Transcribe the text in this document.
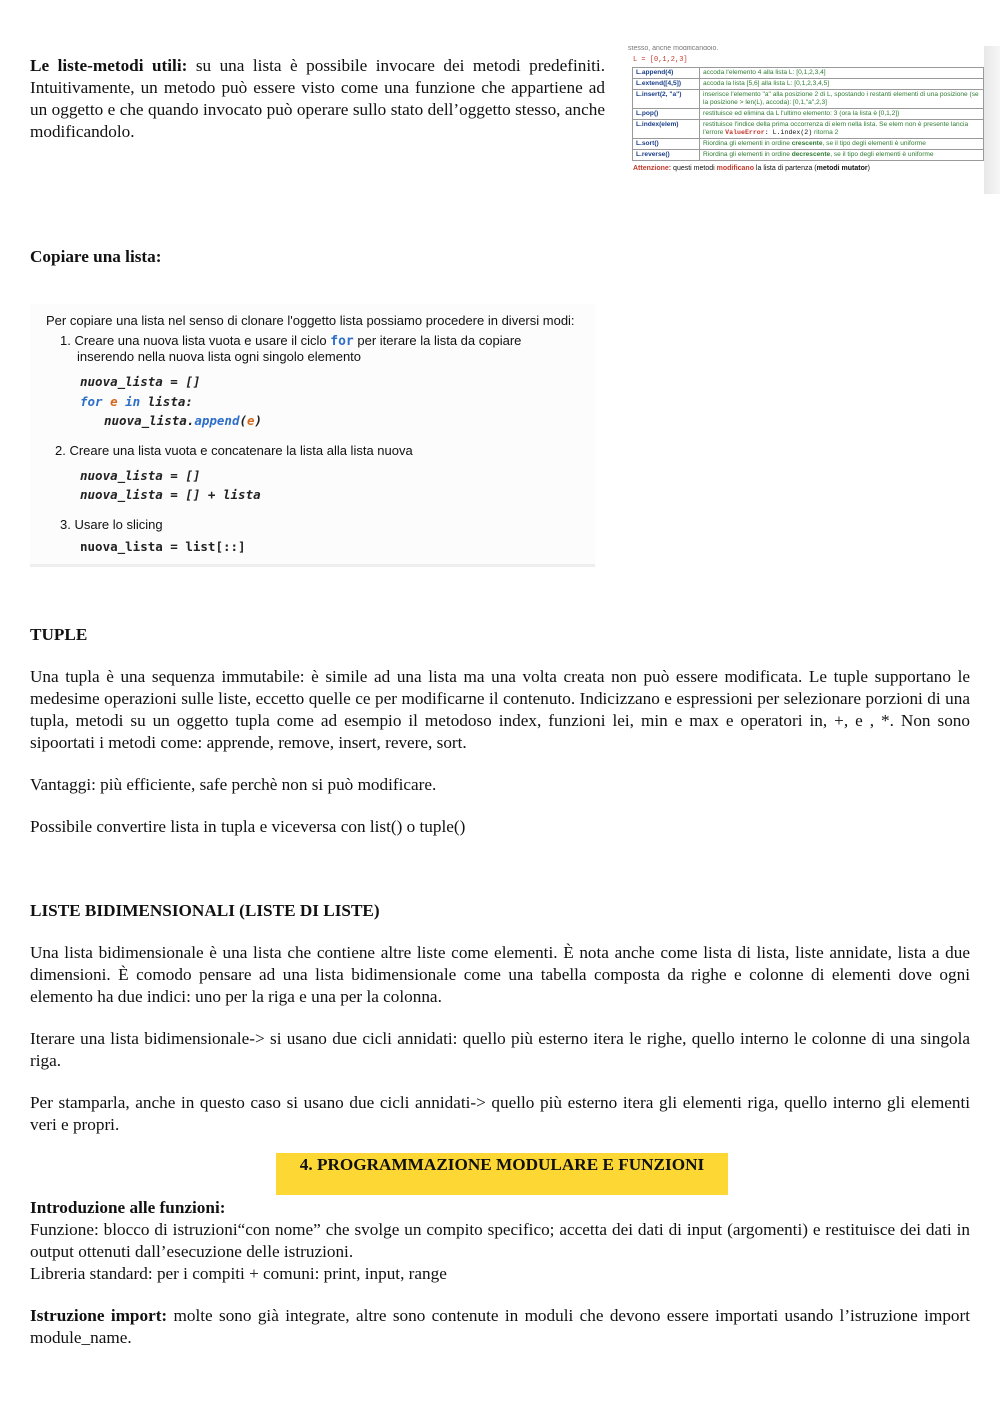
Le liste-metodi utili: su una lista è possibile invocare dei metodi predefiniti. Intuitivamente, un metodo può essere visto come una funzione che appartiene ad un oggetto e che quando invocato può operare sullo stato dell’oggetto stesso, anche modificandolo.

stesso, anche modificandolo.
L = [0,1,2,3]
L.append(4)	accoda l'elemento 4 alla lista L: [0,1,2,3,4]
L.extend([4,5])	accoda la lista [5,6] alla lista L: [0,1,2,3,4,5]
L.insert(2, "a")	inserisce l'elemento "a" alla posizione 2 di L, spostando i restanti elementi di una posizione (se la posizione > len(L), accoda): [0,1,"a",2,3]
L.pop()	restituisce ed elimina da L l'ultimo elemento: 3 (ora la lista è [0,1,2])
L.index(elem)	restituisce l'indice della prima occorrenza di elem nella lista. Se elem non è presente lancia l'errore ValueError: L.index(2) ritorna 2
L.sort()	Riordina gli elementi in ordine crescente, se il tipo degli elementi è uniforme
L.reverse()	Riordina gli elementi in ordine decrescente, se il tipo degli elementi è uniforme
Attenzione: questi metodi modificano la lista di partenza (metodi mutator)

Copiare una lista:

Per copiare una lista nel senso di clonare l'oggetto lista possiamo procedere in diversi modi:
1. Creare una nuova lista vuota e usare il ciclo for per iterare la lista da copiare
inserendo nella nuova lista ogni singolo elemento
nuova_lista = []
for e in lista:
nuova_lista.append(e)
2. Creare una lista vuota e concatenare la lista alla lista nuova
nuova_lista = []
nuova_lista = [] + lista
3. Usare lo slicing
nuova_lista = list[::]

TUPLE

Una tupla è una sequenza immutabile: è simile ad una lista ma una volta creata non può essere modificata. Le tuple supportano le medesime operazioni sulle liste, eccetto quelle ce per modificarne il contenuto. Indicizzano e espressioni per selezionare porzioni di una tupla, metodi su un oggetto tupla come ad esempio il metodoso index, funzioni lei, min e max e operatori in, +, e , *. Non sono sipoortati i metodi come: apprende, remove, insert, revere, sort.

Vantaggi: più efficiente, safe perchè non si può modificare.

Possibile convertire lista in tupla e viceversa con list() o tuple()

LISTE BIDIMENSIONALI (LISTE DI LISTE)

Una lista bidimensionale è una lista che contiene altre liste come elementi. È nota anche come lista di lista, liste annidate, lista a due dimensioni. È comodo pensare ad una lista bidimensionale come una tabella composta da righe e colonne di elementi dove ogni elemento ha due indici: uno per la riga e una per la colonna.

Iterare una lista bidimensionale-> si usano due cicli annidati: quello più esterno itera le righe, quello interno le colonne di una singola riga.

Per stamparla, anche in questo caso si usano due cicli annidati-> quello più esterno itera gli elementi riga, quello interno gli elementi veri e propri.

4. PROGRAMMAZIONE MODULARE E FUNZIONI

Introduzione alle funzioni:

Funzione: blocco di istruzioni“con nome” che svolge un compito specifico; accetta dei dati di input (argomenti) e restituisce dei dati in output ottenuti dall’esecuzione delle istruzioni.

Libreria standard: per i compiti + comuni: print, input, range

Istruzione import: molte sono già integrate, altre sono contenute in moduli che devono essere importati usando l’istruzione import module_name.
